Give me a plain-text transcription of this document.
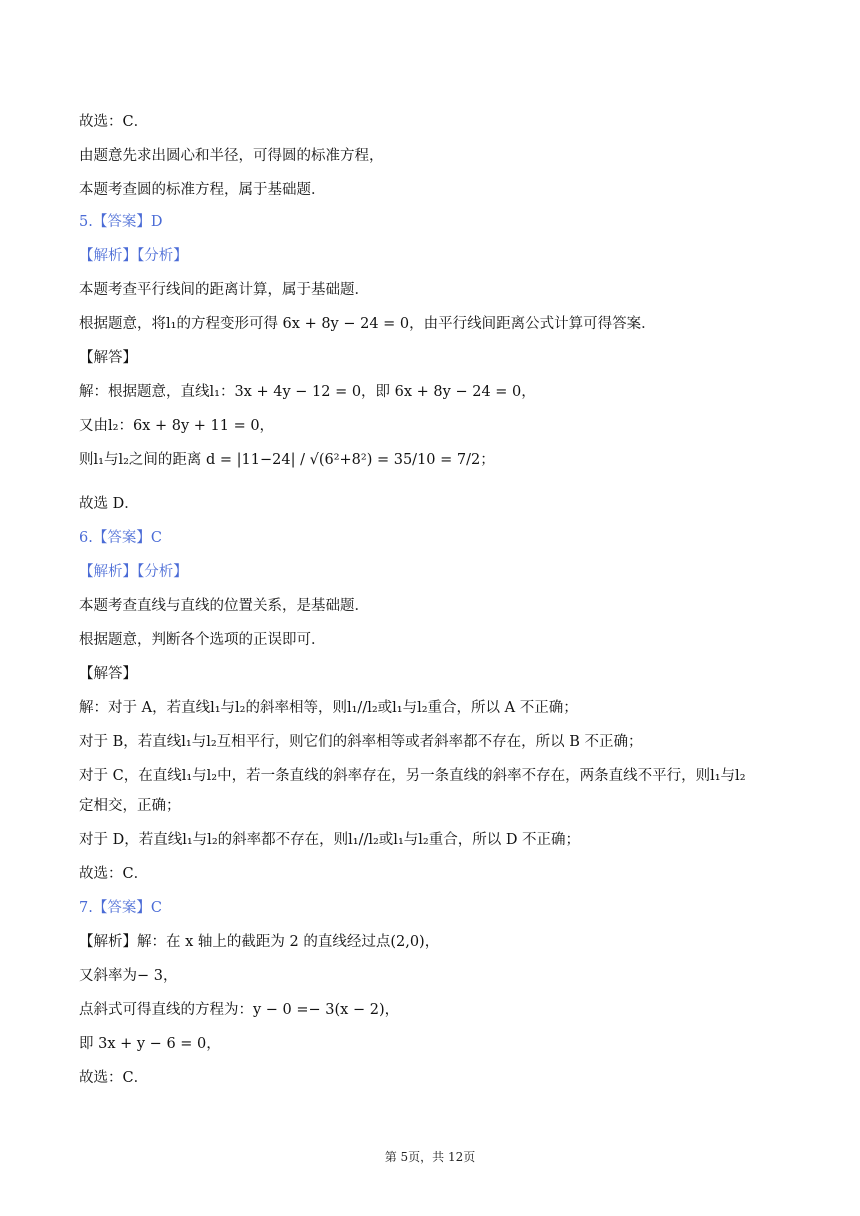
故选：C．
由题意先求出圆心和半径，可得圆的标准方程，
本题考查圆的标准方程，属于基础题．
5.【答案】D
【解析】【分析】
本题考查平行线间的距离计算，属于基础题．
根据题意，将l₁的方程变形可得 6x + 8y − 24 = 0，由平行线间距离公式计算可得答案．
【解答】
解：根据题意，直线l₁：3x + 4y − 12 = 0，即 6x + 8y − 24 = 0，
又由l₂：6x + 8y + 11 = 0，
则l₁与l₂之间的距离 d = |11−24| / √(6²+8²) = 35/10 = 7/2；
故选 D．
6.【答案】C
【解析】【分析】
本题考查直线与直线的位置关系，是基础题．
根据题意，判断各个选项的正误即可．
【解答】
解：对于 A，若直线l₁与l₂的斜率相等，则l₁//l₂或l₁与l₂重合，所以 A 不正确；
对于 B，若直线l₁与l₂互相平行，则它们的斜率相等或者斜率都不存在，所以 B 不正确；
对于 C，在直线l₁与l₂中，若一条直线的斜率存在，另一条直线的斜率不存在，两条直线不平行，则l₁与l₂
定相交，正确；
对于 D，若直线l₁与l₂的斜率都不存在，则l₁//l₂或l₁与l₂重合，所以 D 不正确；
故选：C．
7.【答案】C
【解析】解：在 x 轴上的截距为 2 的直线经过点(2,0)，
又斜率为− 3，
点斜式可得直线的方程为：y − 0 =− 3(x − 2)，
即 3x + y − 6 = 0，
故选：C．
第 5页，共 12页
